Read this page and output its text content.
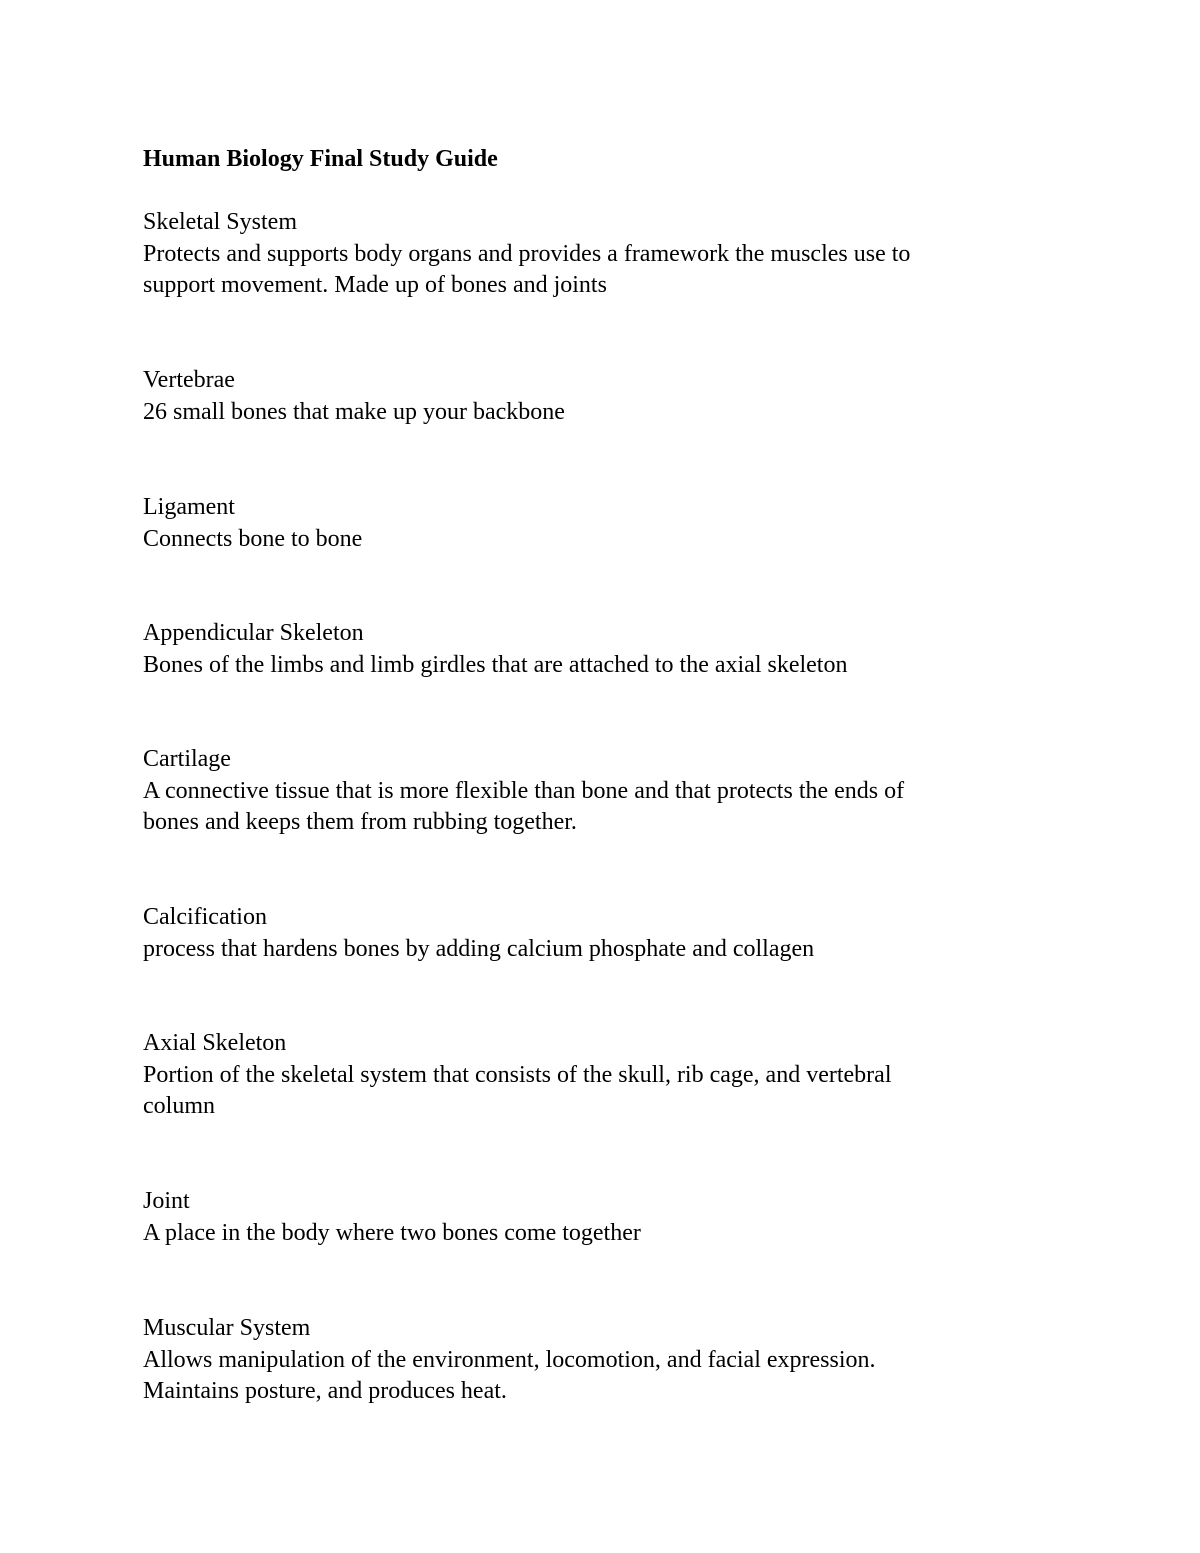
Human Biology Final Study Guide
Skeletal System
Protects and supports body organs and provides a framework the muscles use to
support movement. Made up of bones and joints
Vertebrae
26 small bones that make up your backbone
Ligament
Connects bone to bone
Appendicular Skeleton
Bones of the limbs and limb girdles that are attached to the axial skeleton
Cartilage
A connective tissue that is more flexible than bone and that protects the ends of
bones and keeps them from rubbing together.
Calcification
process that hardens bones by adding calcium phosphate and collagen
Axial Skeleton
Portion of the skeletal system that consists of the skull, rib cage, and vertebral
column
Joint
A place in the body where two bones come together
Muscular System
Allows manipulation of the environment, locomotion, and facial expression.
Maintains posture, and produces heat.
